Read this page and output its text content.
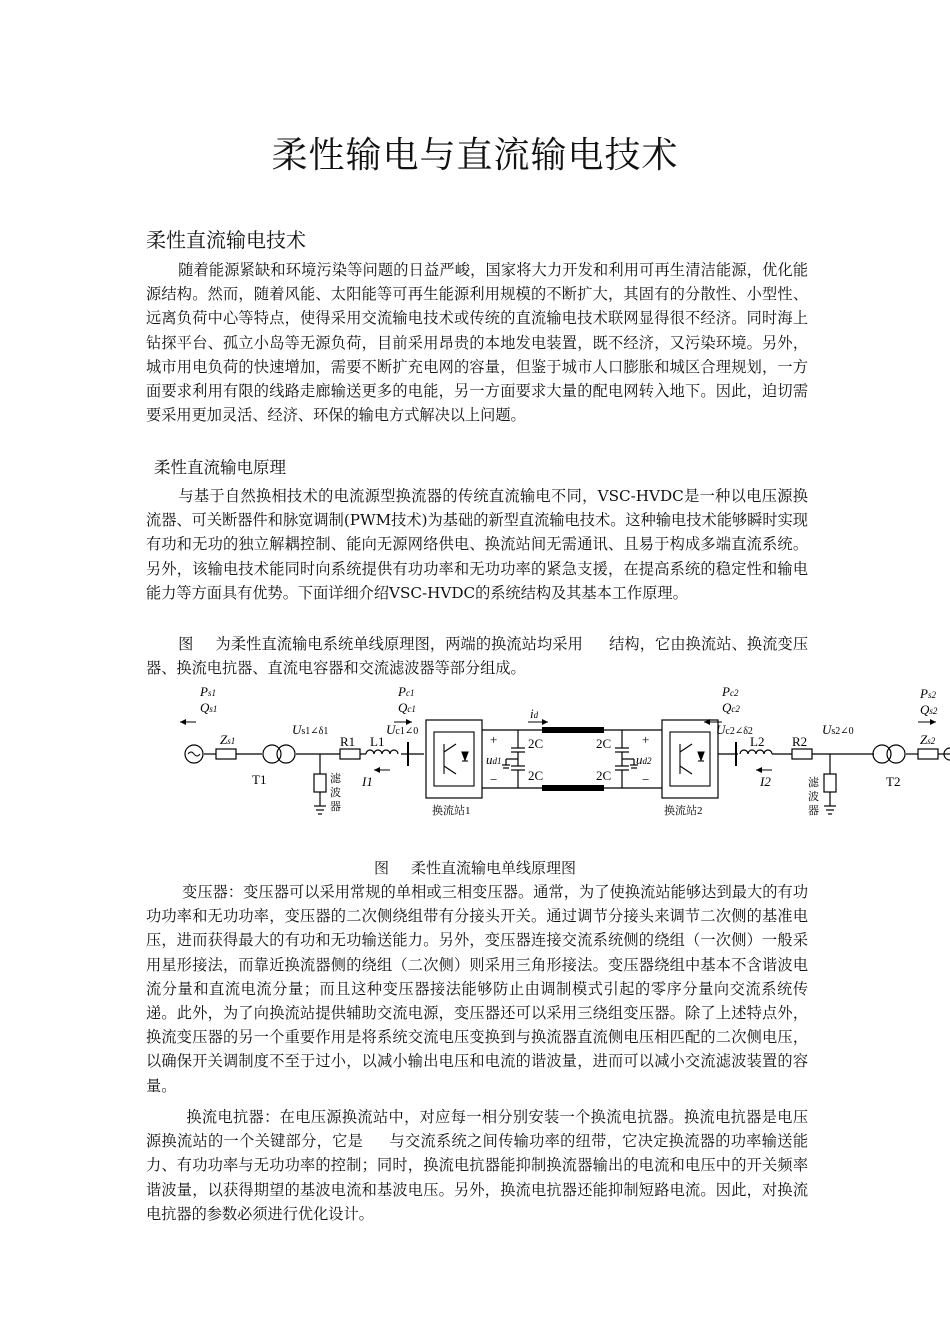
柔性输电与直流输电技术
柔性直流输电技术

随着能源紧缺和环境污染等问题的日益严峻，国家将大力开发和利用可再生清洁能源，优化能源结构。然而，随着风能、太阳能等可再生能源利用规模的不断扩大，其固有的分散性、小型性、远离负荷中心等特点，使得采用交流输电技术或传统的直流输电技术联网显得很不经济。同时海上钻探平台、孤立小岛等无源负荷，目前采用昂贵的本地发电装置，既不经济，又污染环境。另外，城市用电负荷的快速增加，需要不断扩充电网的容量，但鉴于城市人口膨胀和城区合理规划，一方面要求利用有限的线路走廊输送更多的电能，另一方面要求大量的配电网转入地下。因此，迫切需要采用更加灵活、经济、环保的输电方式解决以上问题。

柔性直流输电原理

与基于自然换相技术的电流源型换流器的传统直流输电不同，VSC-HVDC是一种以电压源换流器、可关断器件和脉宽调制(PWM技术)为基础的新型直流输电技术。这种输电技术能够瞬时实现有功和无功的独立解耦控制、能向无源网络供电、换流站间无需通讯、且易于构成多端直流系统。另外，该输电技术能同时向系统提供有功功率和无功功率的紧急支援，在提高系统的稳定性和输电能力等方面具有优势。下面详细介绍VSC-HVDC的系统结构及其基本工作原理。

图 为柔性直流输电系统单线原理图，两端的换流站均采用 结构，它由换流站、换流变压器、换流电抗器、直流电容器和交流滤波器等部分组成。

Ps1
Qs1
Zs1
T1
Us1∠δ1
R1 L1
I1
Pc1
Qc1
Uc1∠0
滤
波
器
id
+
ud1
−
2C
2C
2C
2C
+
ud2
−
换流站1	换流站2
Pc2
Qc2
Uc2∠δ2
L2
I2
R2
Us2∠0
滤
波
器
T2
Ps2
Qs2
Zs2
图 柔性直流输电单线原理图

变压器：变压器可以采用常规的单相或三相变压器。通常，为了使换流站能够达到最大的有功功功率和无功功率，变压器的二次侧绕组带有分接头开关。通过调节分接头来调节二次侧的基准电压，进而获得最大的有功和无功输送能力。另外，变压器连接交流系统侧的绕组（一次侧）一般采用星形接法，而靠近换流器侧的绕组（二次侧）则采用三角形接法。变压器绕组中基本不含谐波电流分量和直流电流分量；而且这种变压器接法能够防止由调制模式引起的零序分量向交流系统传递。此外，为了向换流站提供辅助交流电源，变压器还可以采用三绕组变压器。除了上述特点外，换流变压器的另一个重要作用是将系统交流电压变换到与换流器直流侧电压相匹配的二次侧电压，以确保开关调制度不至于过小，以减小输出电压和电流的谐波量，进而可以减小交流滤波装置的容量。

换流电抗器：在电压源换流站中，对应每一相分别安装一个换流电抗器。换流电抗器是电压源换流站的一个关键部分，它是 与交流系统之间传输功率的纽带，它决定换流器的功率输送能力、有功功率与无功功率的控制；同时，换流电抗器能抑制换流器输出的电流和电压中的开关频率谐波量，以获得期望的基波电流和基波电压。另外，换流电抗器还能抑制短路电流。因此，对换流电抗器的参数必须进行优化设计。
